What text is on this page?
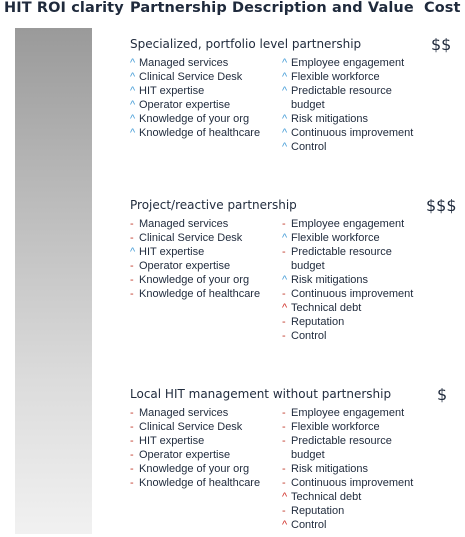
HIT ROI clarity Partnership Description and Value Cost
Specialized, portfolio level partnership	$$
^ Managed services
^ Clinical Service Desk
^ HIT expertise
^ Operator expertise
^ Knowledge of your org
^ Knowledge of healthcare
^ Employee engagement
^ Flexible workforce
^ Predictable resource budget
^ Risk mitigations
^ Continuous improvement
^ Control
Project/reactive partnership	$$$
- Managed services
- Clinical Service Desk
^ HIT expertise
- Operator expertise
- Knowledge of your org
- Knowledge of healthcare
- Employee engagement
^ Flexible workforce
- Predictable resource budget
^ Risk mitigations
- Continuous improvement
^ Technical debt
- Reputation
- Control
Local HIT management without partnership	$
- Managed services
- Clinical Service Desk
- HIT expertise
- Operator expertise
- Knowledge of your org
- Knowledge of healthcare
- Employee engagement
- Flexible workforce
- Predictable resource budget
- Risk mitigations
- Continuous improvement
^ Technical debt
- Reputation
^ Control
